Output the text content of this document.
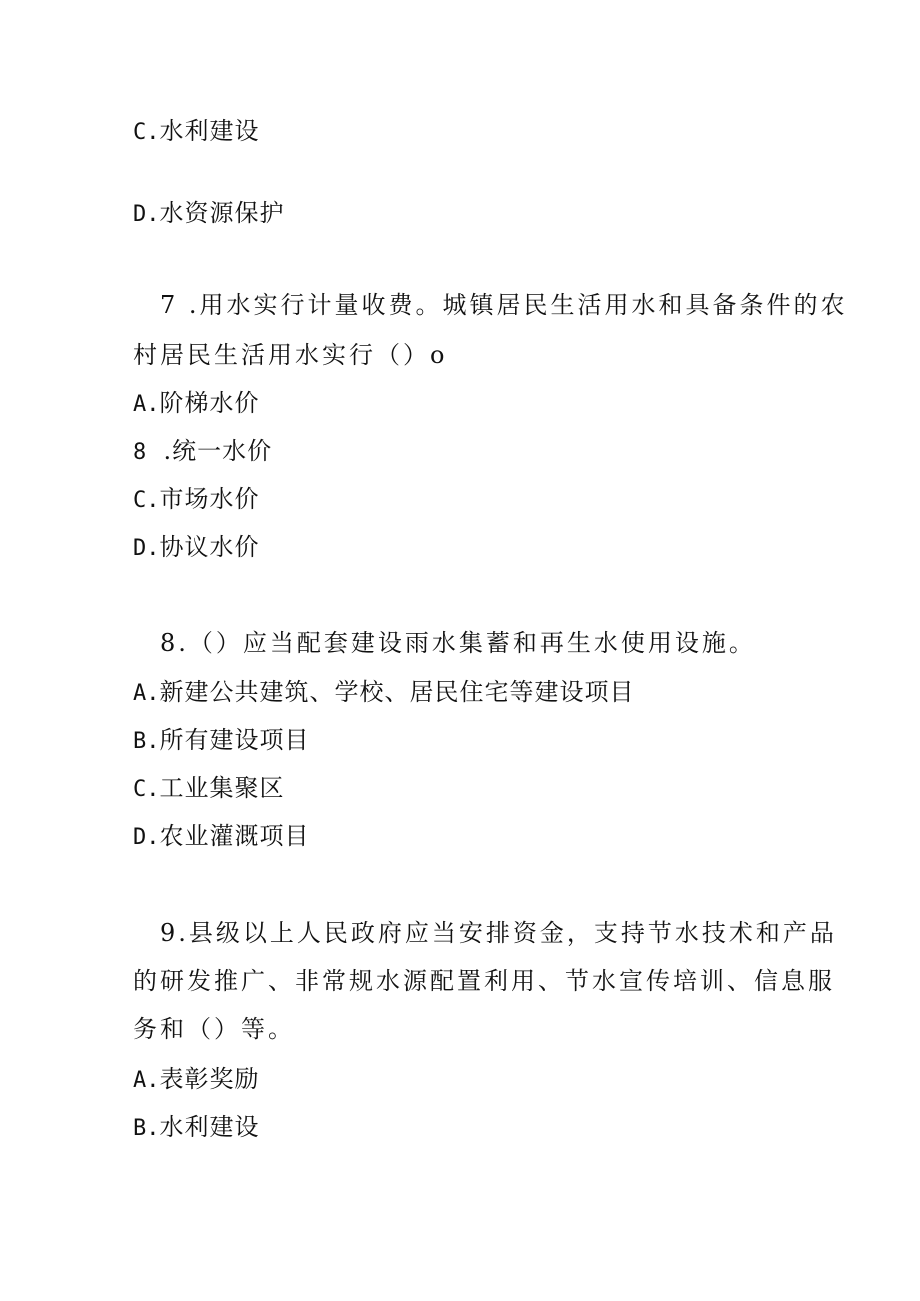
C.水利建设
D.水资源保护
7 .用水实行计量收费。城镇居民生活用水和具备条件的农
村居民生活用水实行（）o
A.阶梯水价
8  .统一水价
C.市场水价
D.协议水价
8.（）应当配套建设雨水集蓄和再生水使用设施。
A.新建公共建筑、学校、居民住宅等建设项目
B.所有建设项目
C.工业集聚区
D.农业灌溉项目
9.县级以上人民政府应当安排资金，支持节水技术和产品
的研发推广、非常规水源配置利用、节水宣传培训、信息服
务和（）等。
A.表彰奖励
B.水利建设
